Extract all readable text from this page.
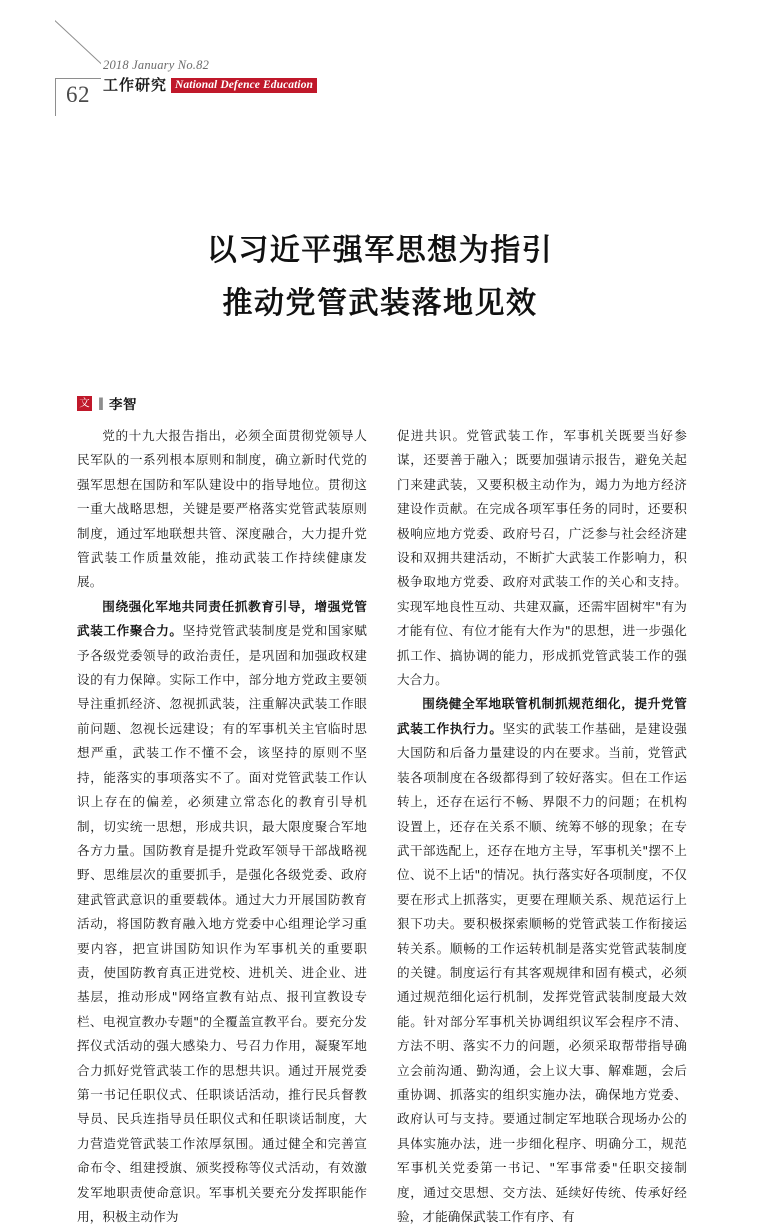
62
2018 January No.82
工作研究 National Defence Education
以习近平强军思想为指引
推动党管武装落地见效
文 ‖ 李智

党的十九大报告指出，必须全面贯彻党领导人民军队的一系列根本原则和制度，确立新时代党的强军思想在国防和军队建设中的指导地位。贯彻这一重大战略思想，关键是要严格落实党管武装原则制度，通过军地联想共管、深度融合，大力提升党管武装工作质量效能，推动武装工作持续健康发展。

围绕强化军地共同责任抓教育引导，增强党管武装工作聚合力。坚持党管武装制度是党和国家赋予各级党委领导的政治责任，是巩固和加强政权建设的有力保障。实际工作中，部分地方党政主要领导注重抓经济、忽视抓武装，注重解决武装工作眼前问题、忽视长远建设；有的军事机关主官临时思想严重，武装工作不懂不会，该坚持的原则不坚持，能落实的事项落实不了。面对党管武装工作认识上存在的偏差，必须建立常态化的教育引导机制，切实统一思想，形成共识，最大限度聚合军地各方力量。国防教育是提升党政军领导干部战略视野、思维层次的重要抓手，是强化各级党委、政府建武管武意识的重要载体。通过大力开展国防教育活动，将国防教育融入地方党委中心组理论学习重要内容，把宣讲国防知识作为军事机关的重要职责，使国防教育真正进党校、进机关、进企业、进基层，推动形成"网络宣教有站点、报刊宣教设专栏、电视宣教办专题"的全覆盖宣教平台。要充分发挥仪式活动的强大感染力、号召力作用，凝聚军地合力抓好党管武装工作的思想共识。通过开展党委第一书记任职仪式、任职谈话活动，推行民兵督教导员、民兵连指导员任职仪式和任职谈话制度，大力营造党管武装工作浓厚氛围。通过健全和完善宣命布令、组建授旗、颁奖授称等仪式活动，有效激发军地职责使命意识。军事机关要充分发挥职能作用，积极主动作为

促进共识。党管武装工作，军事机关既要当好参谋，还要善于融入；既要加强请示报告，避免关起门来建武装，又要积极主动作为，竭力为地方经济建设作贡献。在完成各项军事任务的同时，还要积极响应地方党委、政府号召，广泛参与社会经济建设和双拥共建活动，不断扩大武装工作影响力，积极争取地方党委、政府对武装工作的关心和支持。实现军地良性互动、共建双赢，还需牢固树牢"有为才能有位、有位才能有大作为"的思想，进一步强化抓工作、搞协调的能力，形成抓党管武装工作的强大合力。

围绕健全军地联管机制抓规范细化，提升党管武装工作执行力。坚实的武装工作基础，是建设强大国防和后备力量建设的内在要求。当前，党管武装各项制度在各级都得到了较好落实。但在工作运转上，还存在运行不畅、界限不力的问题；在机构设置上，还存在关系不顺、统筹不够的现象；在专武干部选配上，还存在地方主导，军事机关"摆不上位、说不上话"的情况。执行落实好各项制度，不仅要在形式上抓落实，更要在理顺关系、规范运行上狠下功夫。要积极探索顺畅的党管武装工作衔接运转关系。顺畅的工作运转机制是落实党管武装制度的关键。制度运行有其客观规律和固有模式，必须通过规范细化运行机制，发挥党管武装制度最大效能。针对部分军事机关协调组织议军会程序不清、方法不明、落实不力的问题，必须采取帮带指导确立会前沟通、勤沟通，会上议大事、解难题，会后重协调、抓落实的组织实施办法，确保地方党委、政府认可与支持。要通过制定军地联合现场办公的具体实施办法，进一步细化程序、明确分工，规范军事机关党委第一书记、"军事常委"任职交接制度，通过交思想、交方法、延续好传统、传承好经验，才能确保武装工作有序、有
